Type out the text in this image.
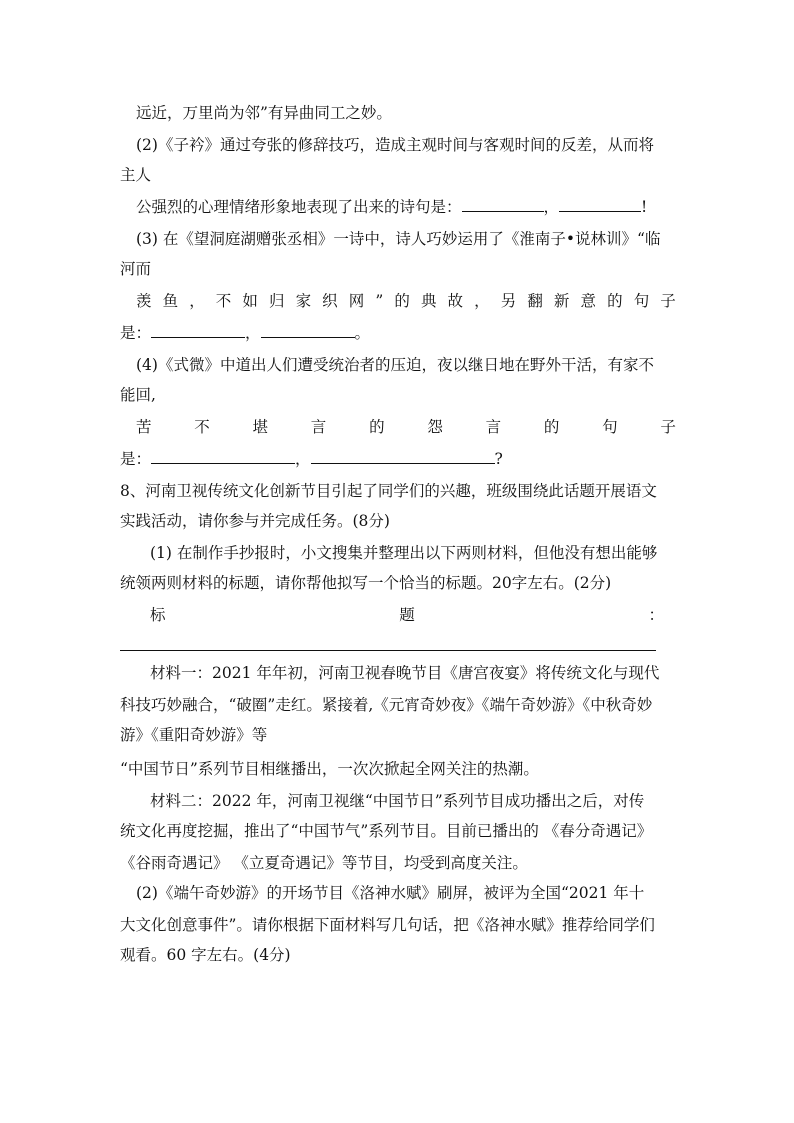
远近，万里尚为邻”有异曲同工之妙。
(2)《子衿》通过夸张的修辞技巧，造成主观时间与客观时间的反差，从而将
主人
公强烈的心理情绪形象地表现了出来的诗句是：	，	!
(3) 在《望洞庭湖赠张丞相》一诗中，诗人巧妙运用了《淮南子•说林训》“临
河而
羡 鱼 ， 不 如 归 家 织 网 ” 的 典 故 ， 另 翻 新 意 的 句 子
是：	，	。
(4)《式微》中道出人们遭受统治者的压迫，夜以继日地在野外干活，有家不
能回,
苦	不	堪	言	的	怨	言	的	句	子
是：	，	?
8、河南卫视传统文化创新节目引起了同学们的兴趣，班级围绕此话题开展语文
实践活动，请你参与并完成任务。(8分)
(1) 在制作手抄报时，小文搜集并整理出以下两则材料，但他没有想出能够
统领两则材料的标题，请你帮他拟写一个恰当的标题。20字左右。(2分)
标	题	：
材料一：2021 年年初，河南卫视春晚节目《唐宫夜宴》将传统文化与现代
科技巧妙融合，“破圈”走红。紧接着,《元宵奇妙夜》《端午奇妙游》《中秋奇妙
游》《重阳奇妙游》等
“中国节日”系列节目相继播出，一次次掀起全网关注的热潮。
材料二：2022 年，河南卫视继“中国节日”系列节目成功播出之后，对传
统文化再度挖掘，推出了“中国节气”系列节目。目前已播出的 《春分奇遇记》
《谷雨奇遇记》 《立夏奇遇记》等节目，均受到高度关注。
(2)《端午奇妙游》的开场节目《洛神水赋》刷屏，被评为全国“2021 年十
大文化创意事件”。请你根据下面材料写几句话，把《洛神水赋》推荐给同学们
观看。60 字左右。(4分)
